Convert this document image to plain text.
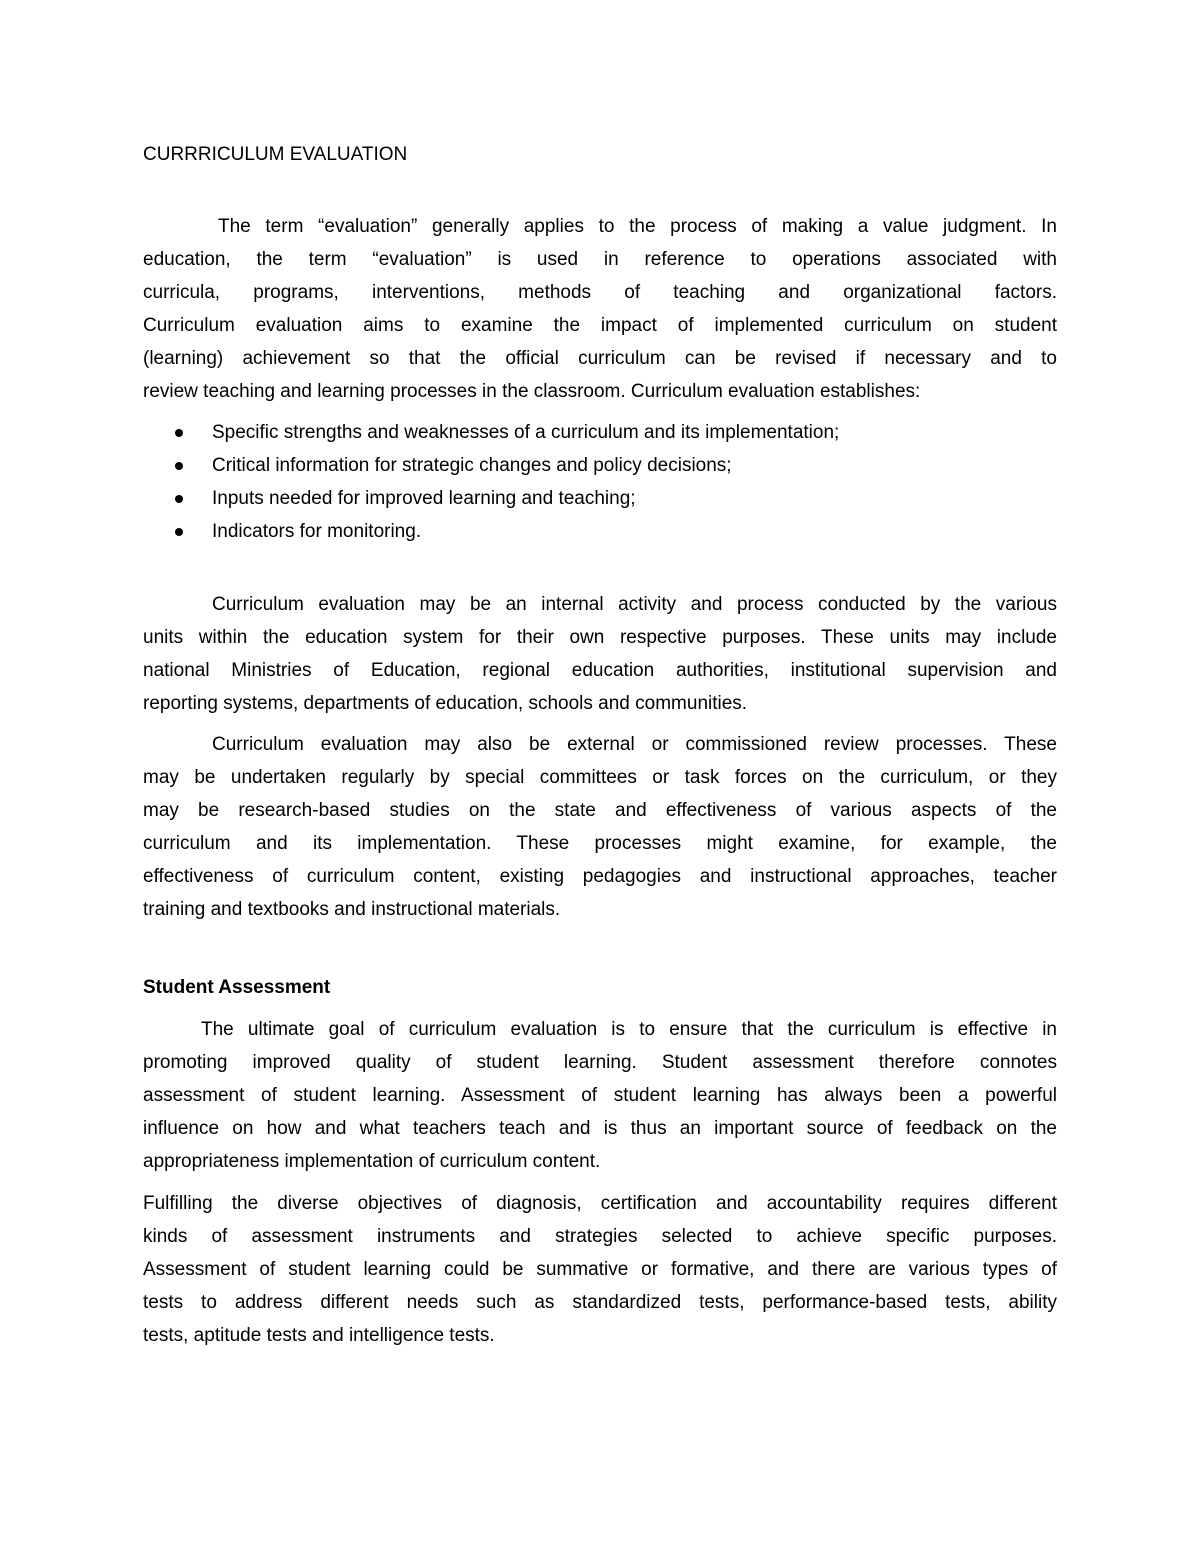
CURRRICULUM EVALUATION
The term “evaluation” generally applies to the process of making a value judgment. In
education, the term “evaluation” is used in reference to operations associated with
curricula, programs, interventions, methods of teaching and organizational factors.
Curriculum evaluation aims to examine the impact of implemented curriculum on student
(learning) achievement so that the official curriculum can be revised if necessary and to
review teaching and learning processes in the classroom. Curriculum evaluation establishes:
Specific strengths and weaknesses of a curriculum and its implementation;
Critical information for strategic changes and policy decisions;
Inputs needed for improved learning and teaching;
Indicators for monitoring.
Curriculum evaluation may be an internal activity and process conducted by the various
units within the education system for their own respective purposes. These units may include
national Ministries of Education, regional education authorities, institutional supervision and
reporting systems, departments of education, schools and communities.
Curriculum evaluation may also be external or commissioned review processes. These
may be undertaken regularly by special committees or task forces on the curriculum, or they
may be research-based studies on the state and effectiveness of various aspects of the
curriculum and its implementation. These processes might examine, for example, the
effectiveness of curriculum content, existing pedagogies and instructional approaches, teacher
training and textbooks and instructional materials.
Student Assessment
The ultimate goal of curriculum evaluation is to ensure that the curriculum is effective in
promoting improved quality of student learning. Student assessment therefore connotes
assessment of student learning. Assessment of student learning has always been a powerful
influence on how and what teachers teach and is thus an important source of feedback on the
appropriateness implementation of curriculum content.
Fulfilling the diverse objectives of diagnosis, certification and accountability requires different
kinds of assessment instruments and strategies selected to achieve specific purposes.
Assessment of student learning could be summative or formative, and there are various types of
tests to address different needs such as standardized tests, performance-based tests, ability
tests, aptitude tests and intelligence tests.
